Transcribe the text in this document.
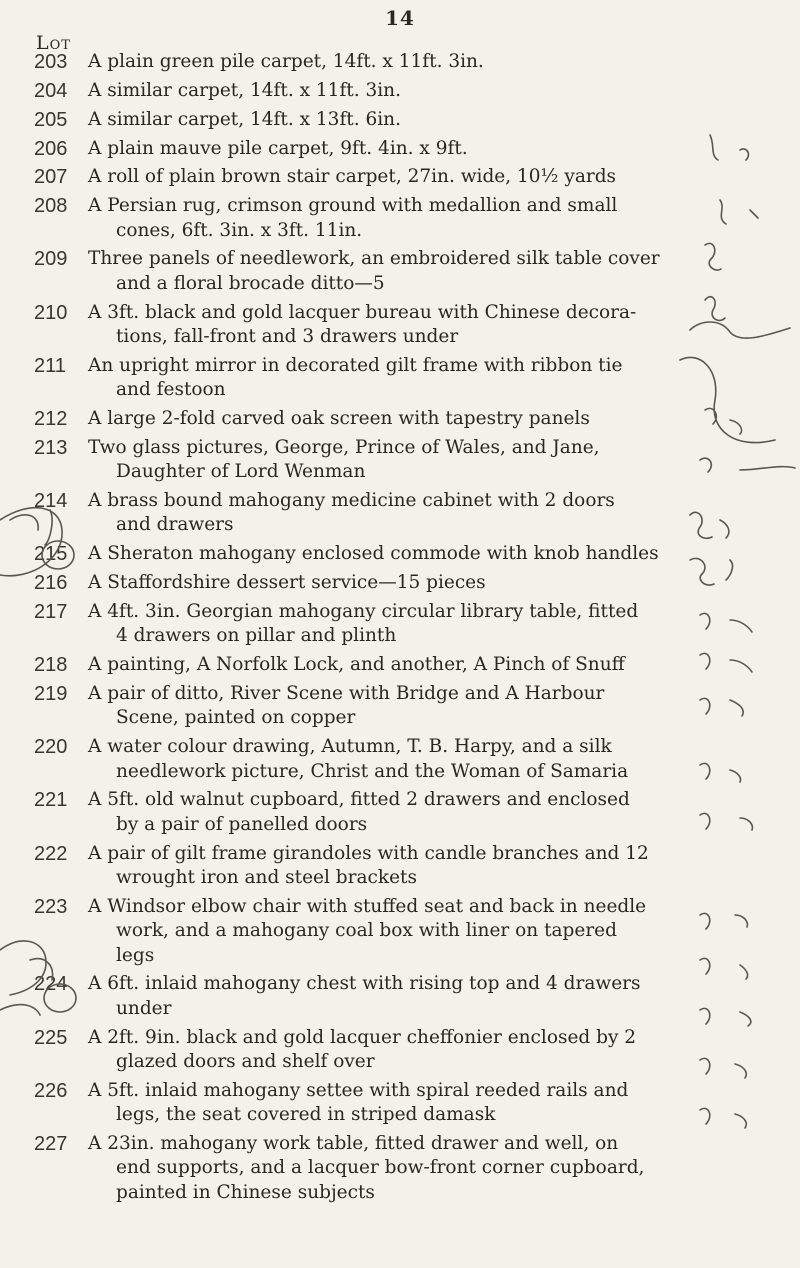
14
Lot
203	A plain green pile carpet, 14ft. x 11ft. 3in.
204	A similar carpet, 14ft. x 11ft. 3in.
205	A similar carpet, 14ft. x 13ft. 6in.
206	A plain mauve pile carpet, 9ft. 4in. x 9ft.
207	A roll of plain brown stair carpet, 27in. wide, 10½ yards
208	A Persian rug, crimson ground with medallion and small
cones, 6ft. 3in. x 3ft. 11in.
209	Three panels of needlework, an embroidered silk table cover
and a floral brocade ditto—5
210	A 3ft. black and gold lacquer bureau with Chinese decora-
tions, fall-front and 3 drawers under
211	An upright mirror in decorated gilt frame with ribbon tie
and festoon
212	A large 2-fold carved oak screen with tapestry panels
213	Two glass pictures, George, Prince of Wales, and Jane,
Daughter of Lord Wenman
214	A brass bound mahogany medicine cabinet with 2 doors
and drawers
215	A Sheraton mahogany enclosed commode with knob handles
216	A Staffordshire dessert service—15 pieces
217	A 4ft. 3in. Georgian mahogany circular library table, fitted
4 drawers on pillar and plinth
218	A painting, A Norfolk Lock, and another, A Pinch of Snuff
219	A pair of ditto, River Scene with Bridge and A Harbour
Scene, painted on copper
220	A water colour drawing, Autumn, T. B. Harpy, and a silk
needlework picture, Christ and the Woman of Samaria
221	A 5ft. old walnut cupboard, fitted 2 drawers and enclosed
by a pair of panelled doors
222	A pair of gilt frame girandoles with candle branches and 12
wrought iron and steel brackets
223	A Windsor elbow chair with stuffed seat and back in needle
work, and a mahogany coal box with liner on tapered
legs
224	A 6ft. inlaid mahogany chest with rising top and 4 drawers
under
225	A 2ft. 9in. black and gold lacquer cheffonier enclosed by 2
glazed doors and shelf over
226	A 5ft. inlaid mahogany settee with spiral reeded rails and
legs, the seat covered in striped damask
227	A 23in. mahogany work table, fitted drawer and well, on
end supports, and a lacquer bow-front corner cupboard,
painted in Chinese subjects
